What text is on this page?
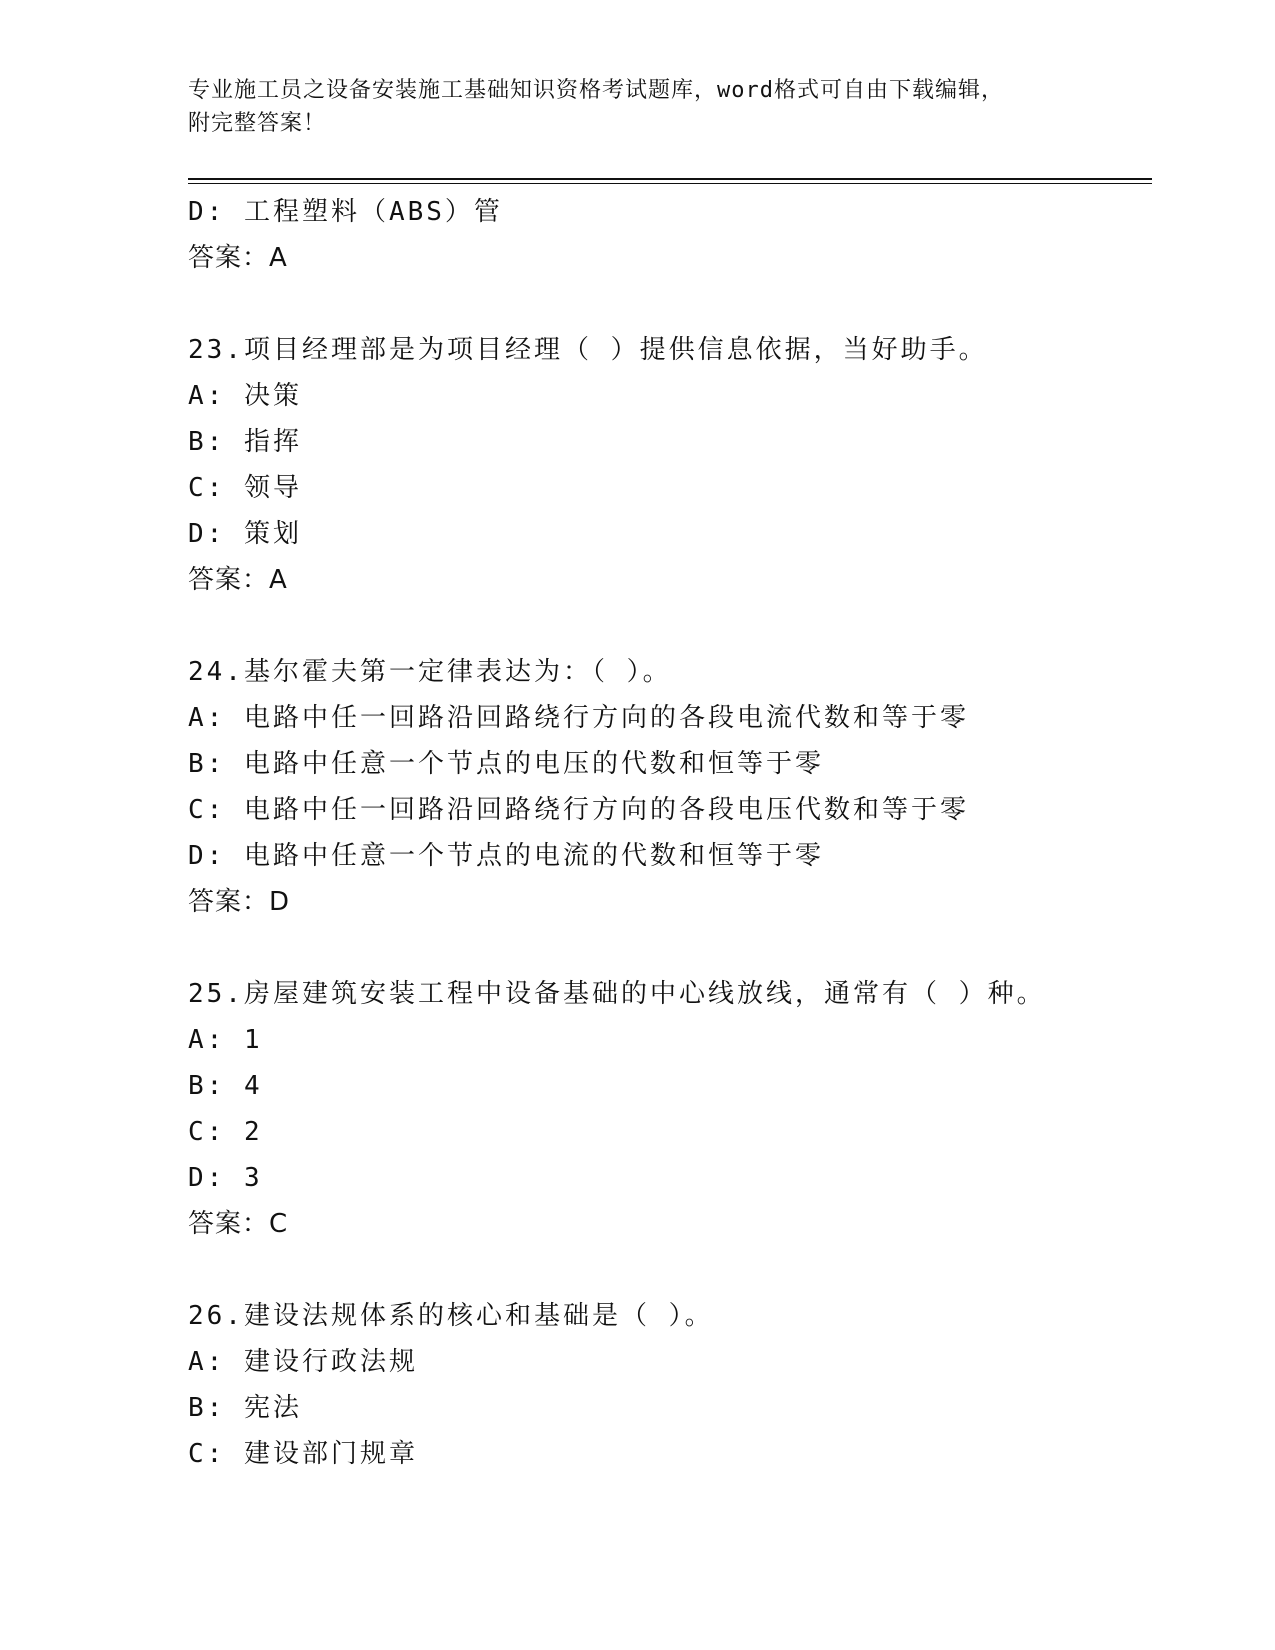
专业施工员之设备安装施工基础知识资格考试题库，word格式可自由下载编辑，
附完整答案！
D: 工程塑料（ABS）管
答案：A
23.项目经理部是为项目经理（ ）提供信息依据，当好助手。
A: 决策
B: 指挥
C: 领导
D: 策划
答案：A
24.基尔霍夫第一定律表达为：（ ）。
A: 电路中任一回路沿回路绕行方向的各段电流代数和等于零
B: 电路中任意一个节点的电压的代数和恒等于零
C: 电路中任一回路沿回路绕行方向的各段电压代数和等于零
D: 电路中任意一个节点的电流的代数和恒等于零
答案：D
25.房屋建筑安装工程中设备基础的中心线放线，通常有（ ）种。
A: 1
B: 4
C: 2
D: 3
答案：C
26.建设法规体系的核心和基础是（ ）。
A: 建设行政法规
B: 宪法
C: 建设部门规章
